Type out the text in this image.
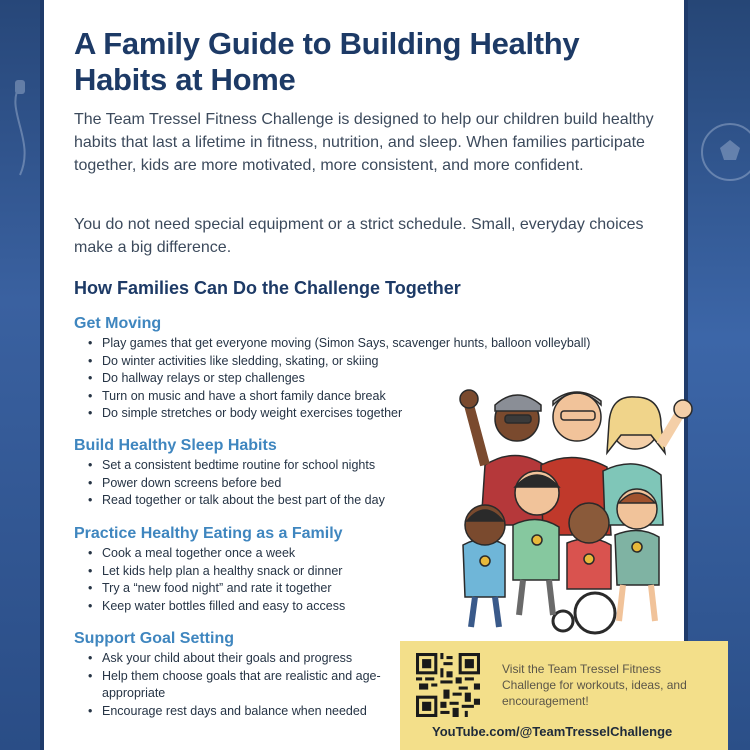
A Family Guide to Building Healthy Habits at Home

The Team Tressel Fitness Challenge is designed to help our children build healthy habits that last a lifetime in fitness, nutrition, and sleep. When families participate together, kids are more motivated, more consistent, and more confident.

You do not need special equipment or a strict schedule. Small, everyday choices make a big difference.

How Families Can Do the Challenge Together
Get Moving
• Play games that get everyone moving (Simon Says, scavenger hunts, balloon volleyball)
• Do winter activities like sledding, skating, or skiing
• Do hallway relays or step challenges
• Turn on music and have a short family dance break
• Do simple stretches or body weight exercises together
Build Healthy Sleep Habits
• Set a consistent bedtime routine for school nights
• Power down screens before bed
• Read together or talk about the best part of the day
Practice Healthy Eating as a Family
• Cook a meal together once a week
• Let kids help plan a healthy snack or dinner
• Try a “new food night” and rate it together
• Keep water bottles filled and easy to access
Support Goal Setting
• Ask your child about their goals and progress
• Help them choose goals that are realistic and age-appropriate
• Encourage rest days and balance when needed
Visit the Team Tressel Fitness Challenge for workouts, ideas, and encouragement!
YouTube.com/@TeamTresselChallenge
